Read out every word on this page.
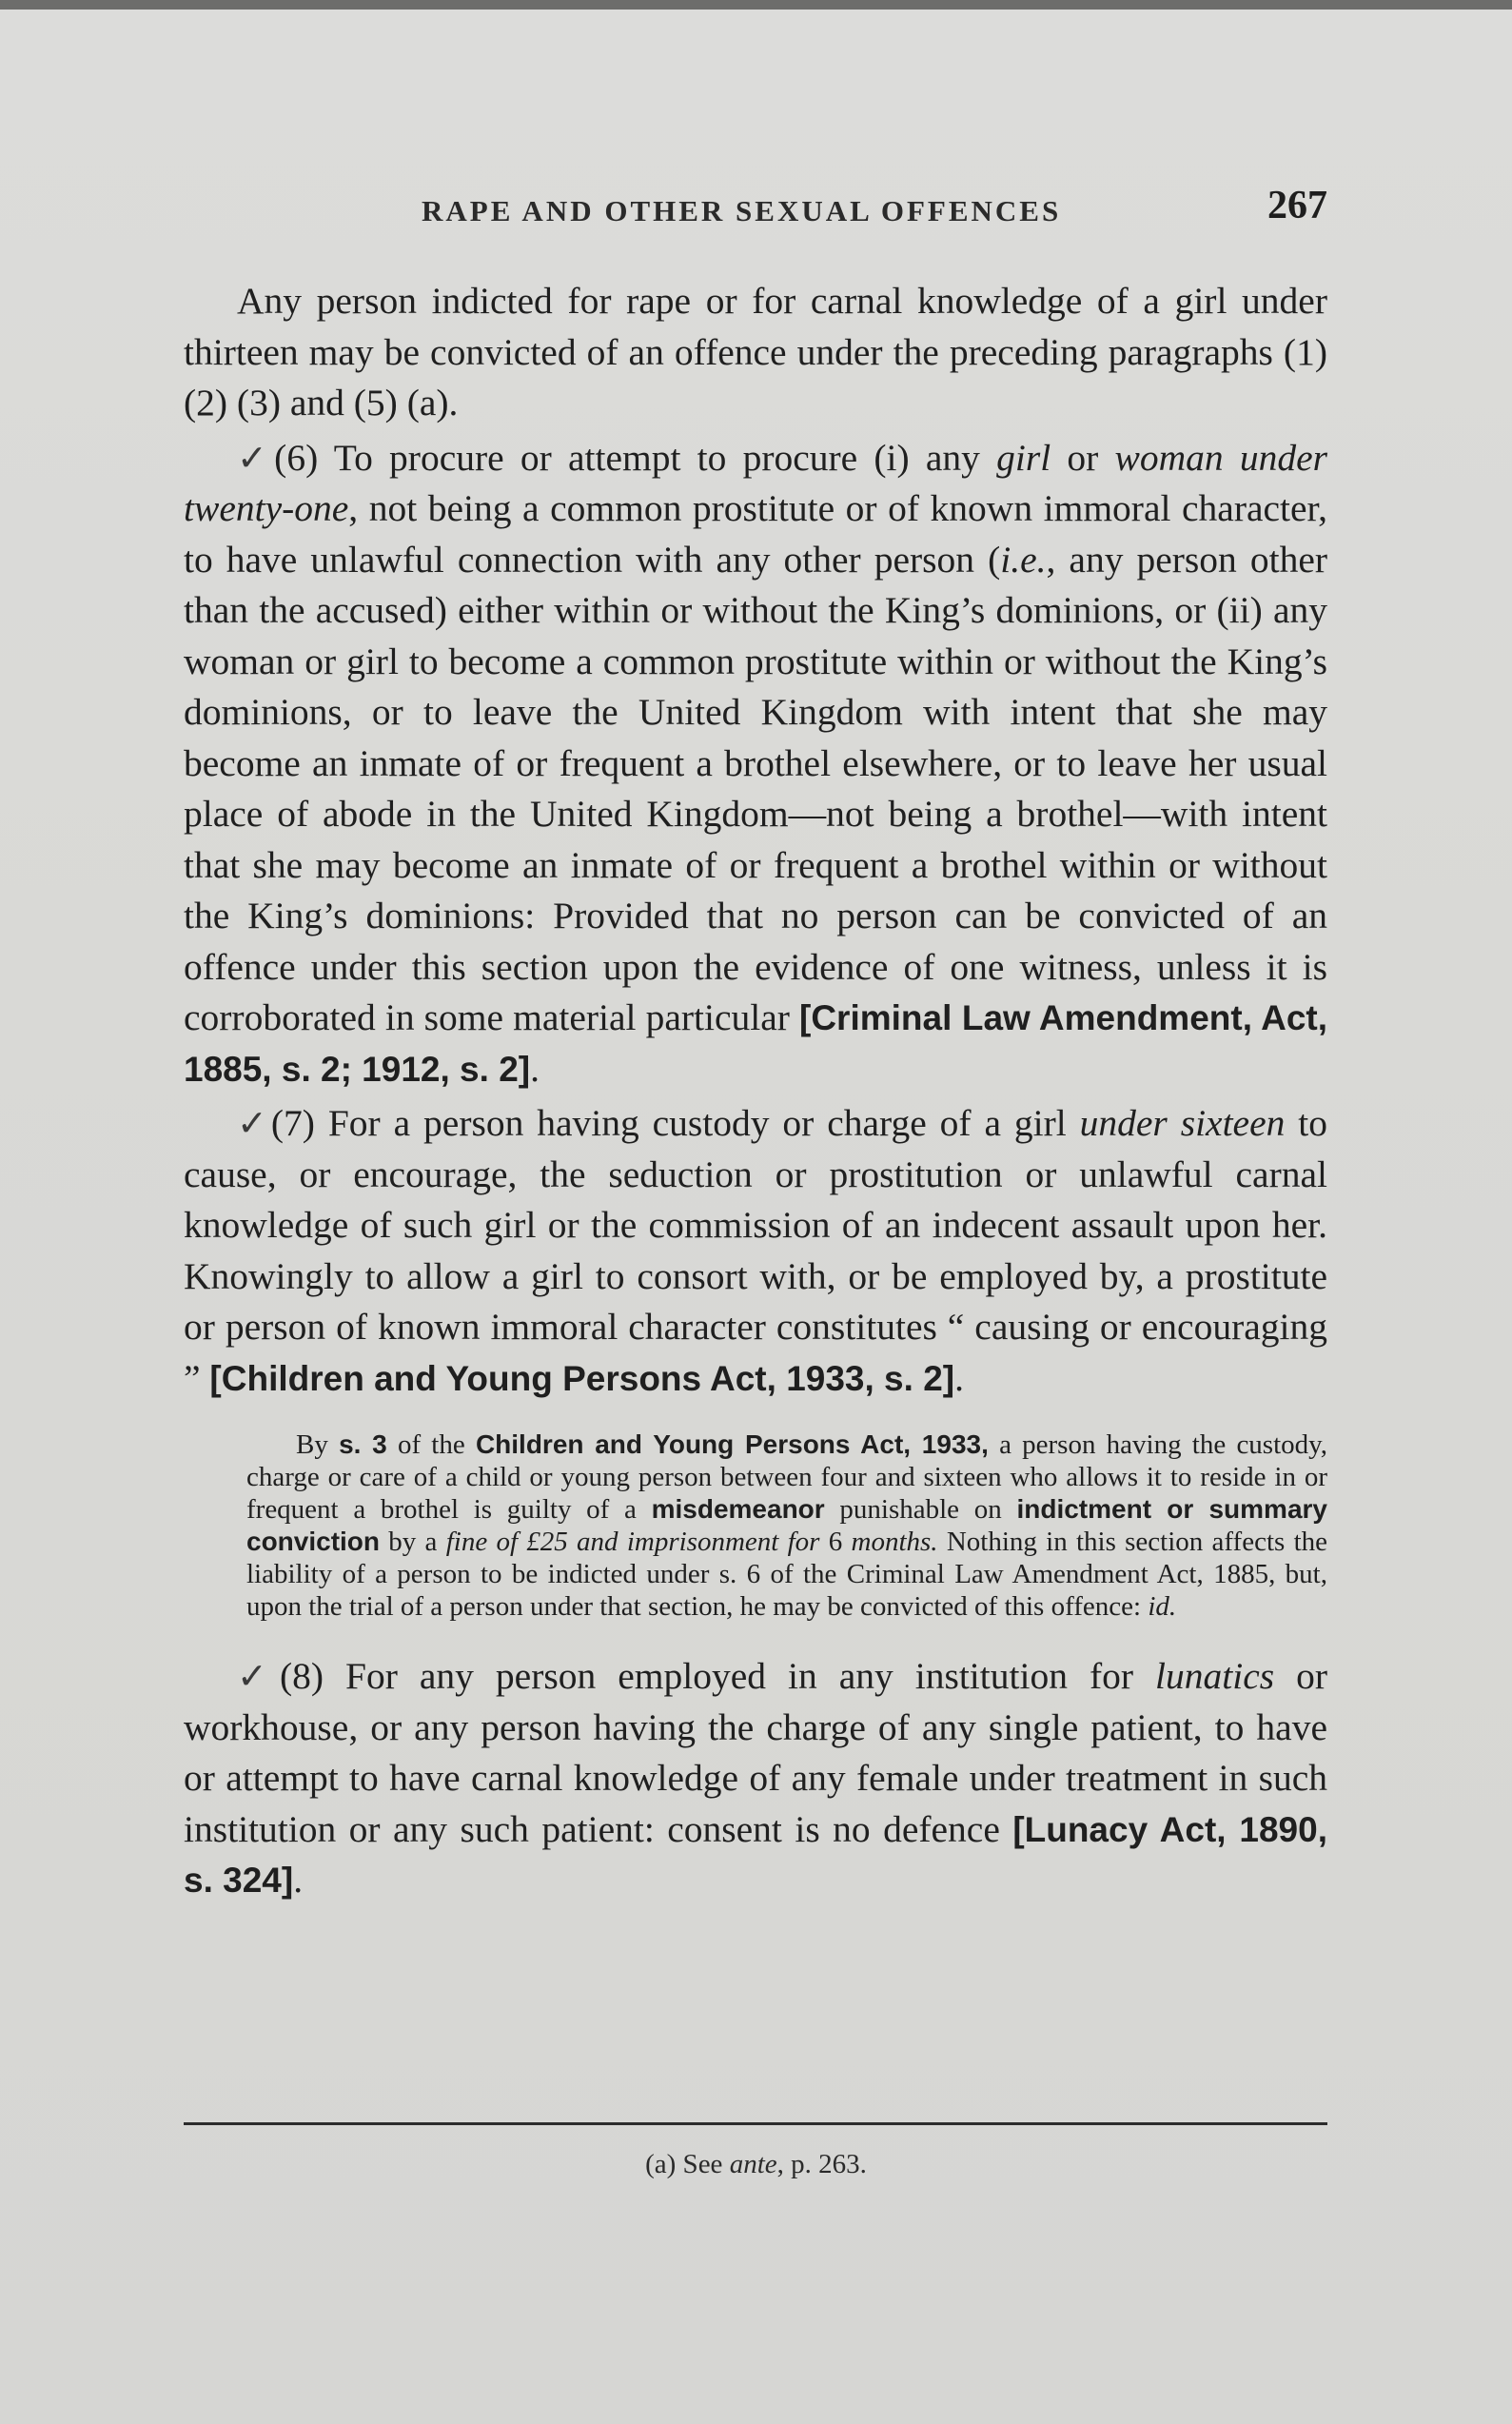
RAPE AND OTHER SEXUAL OFFENCES	267

Any person indicted for rape or for carnal knowledge of a girl under thirteen may be convicted of an offence under the preceding paragraphs (1) (2) (3) and (5) (a).

✓(6) To procure or attempt to procure (i) any girl or woman under twenty-one, not being a common prostitute or of known immoral character, to have unlawful connection with any other person (i.e., any person other than the accused) either within or without the King’s dominions, or (ii) any woman or girl to become a common prostitute within or without the King’s dominions, or to leave the United Kingdom with intent that she may become an inmate of or frequent a brothel elsewhere, or to leave her usual place of abode in the United Kingdom—not being a brothel—with intent that she may become an inmate of or frequent a brothel within or without the King’s dominions: Provided that no person can be convicted of an offence under this section upon the evidence of one witness, unless it is corroborated in some material particular [Criminal Law Amendment, Act, 1885, s. 2; 1912, s. 2].

✓(7) For a person having custody or charge of a girl under sixteen to cause, or encourage, the seduction or prostitution or unlawful carnal knowledge of such girl or the commission of an indecent assault upon her. Knowingly to allow a girl to consort with, or be employed by, a prostitute or person of known immoral character constitutes “ causing or encouraging ” [Children and Young Persons Act, 1933, s. 2].

By s. 3 of the Children and Young Persons Act, 1933, a person having the custody, charge or care of a child or young person between four and sixteen who allows it to reside in or frequent a brothel is guilty of a misdemeanor punishable on indictment or summary conviction by a fine of £25 and imprisonment for 6 months. Nothing in this section affects the liability of a person to be indicted under s. 6 of the Criminal Law Amendment Act, 1885, but, upon the trial of a person under that section, he may be convicted of this offence: id.

✓(8) For any person employed in any institution for lunatics or workhouse, or any person having the charge of any single patient, to have or attempt to have carnal knowledge of any female under treatment in such institution or any such patient: consent is no defence [Lunacy Act, 1890, s. 324].

(a) See ante, p. 263.
